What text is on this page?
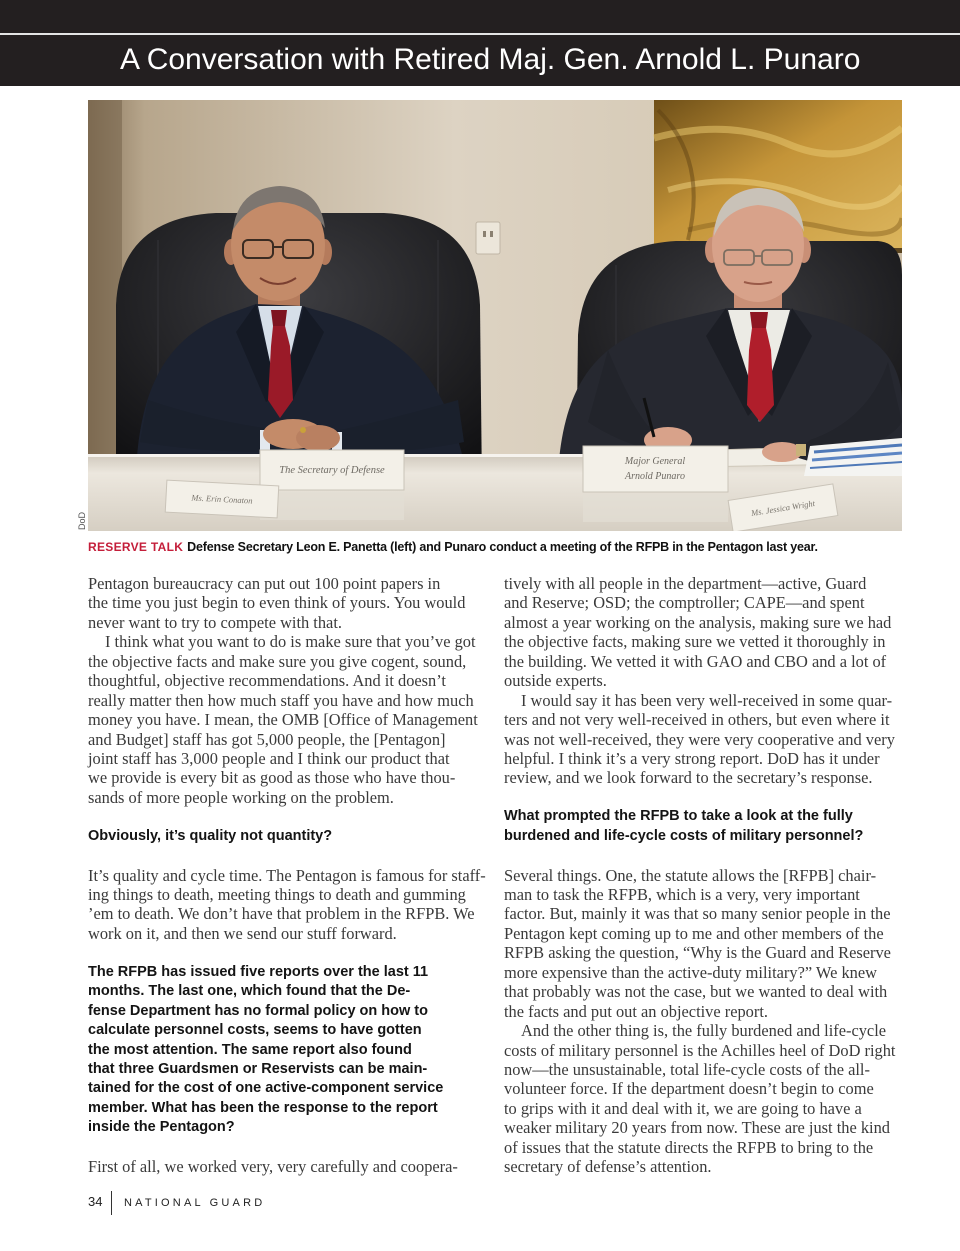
A Conversation with Retired Maj. Gen. Arnold L. Punaro
The Secretary of Defense
Major General
Arnold Punaro
Ms. Erin Conaton	Ms. Jessica Wright
DoD
RESERVE TALK Defense Secretary Leon E. Panetta (left) and Punaro conduct a meeting of the RFPB in the Pentagon last year.
Pentagon bureaucracy can put out 100 point papers in
the time you just begin to even think of yours. You would
never want to try to compete with that.
I think what you want to do is make sure that you’ve got
the objective facts and make sure you give cogent, sound,
thoughtful, objective recommendations. And it doesn’t
really matter then how much staff you have and how much
money you have. I mean, the OMB [Office of Management
and Budget] staff has got 5,000 people, the [Pentagon]
joint staff has 3,000 people and I think our product that
we provide is every bit as good as those who have thou-
sands of more people working on the problem.
Obviously, it’s quality not quantity?
It’s quality and cycle time. The Pentagon is famous for staff-
ing things to death, meeting things to death and gumming
’em to death. We don’t have that problem in the RFPB. We
work on it, and then we send our stuff forward.
The RFPB has issued five reports over the last 11
months. The last one, which found that the De-
fense Department has no formal policy on how to
calculate personnel costs, seems to have gotten
the most attention. The same report also found
that three Guardsmen or Reservists can be main-
tained for the cost of one active-component service
member. What has been the response to the report
inside the Pentagon?
First of all, we worked very, very carefully and coopera-
tively with all people in the department—active, Guard
and Reserve; OSD; the comptroller; CAPE—and spent
almost a year working on the analysis, making sure we had
the objective facts, making sure we vetted it thoroughly in
the building. We vetted it with GAO and CBO and a lot of
outside experts.
I would say it has been very well-received in some quar-
ters and not very well-received in others, but even where it
was not well-received, they were very cooperative and very
helpful. I think it’s a very strong report. DoD has it under
review, and we look forward to the secretary’s response.
What prompted the RFPB to take a look at the fully
burdened and life-cycle costs of military personnel?
Several things. One, the statute allows the [RFPB] chair-
man to task the RFPB, which is a very, very important
factor. But, mainly it was that so many senior people in the
Pentagon kept coming up to me and other members of the
RFPB asking the question, “Why is the Guard and Reserve
more expensive than the active-duty military?” We knew
that probably was not the case, but we wanted to deal with
the facts and put out an objective report.
And the other thing is, the fully burdened and life-cycle
costs of military personnel is the Achilles heel of DoD right
now—the unsustainable, total life-cycle costs of the all-
volunteer force. If the department doesn’t begin to come
to grips with it and deal with it, we are going to have a
weaker military 20 years from now. These are just the kind
of issues that the statute directs the RFPB to bring to the
secretary of defense’s attention.
34 NATIONAL GUARD
